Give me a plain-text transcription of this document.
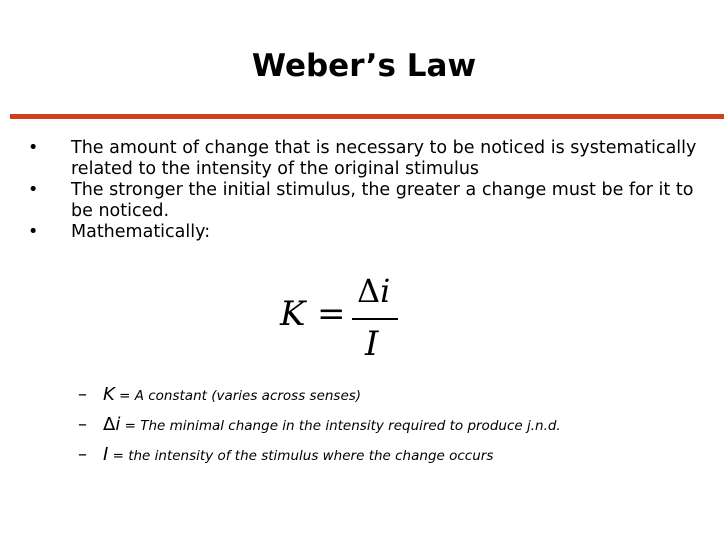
Weber’s Law
• The amount of change that is necessary to be noticed is systematically related to the intensity of the original stimulus
• The stronger the initial stimulus, the greater a change must be for it to be noticed.
• Mathematically:
K =
Δi
I
– K = A constant (varies across senses)
– Δi = The minimal change in the intensity required to produce j.n.d.
– I = the intensity of the stimulus where the change occurs
